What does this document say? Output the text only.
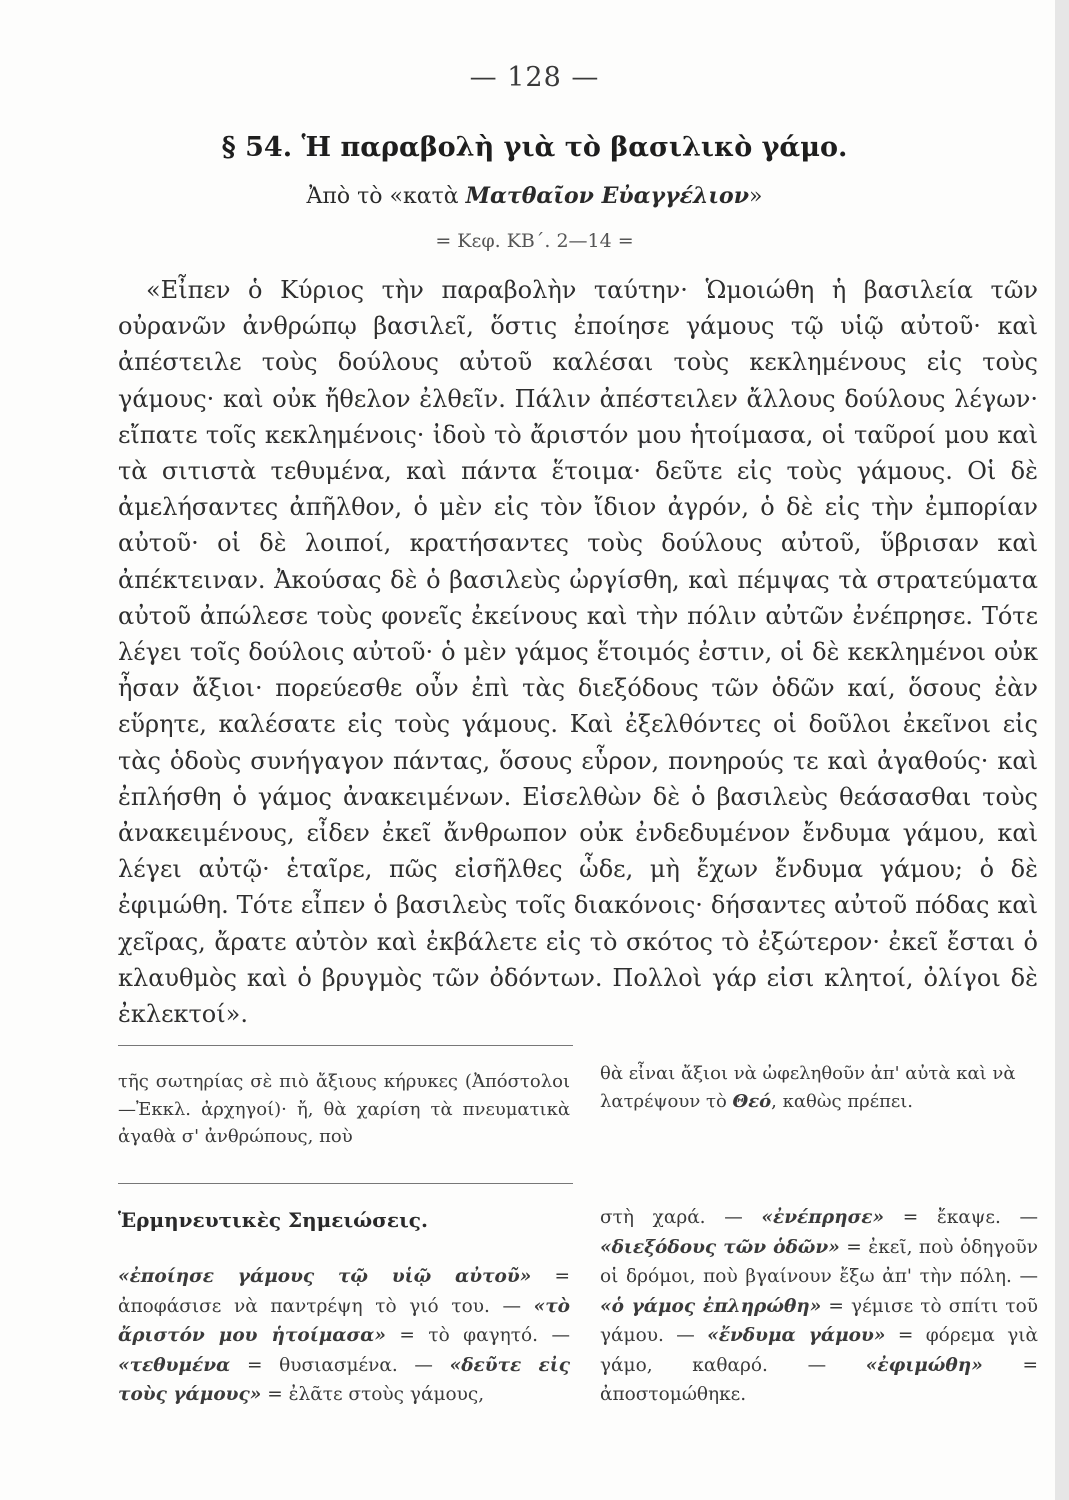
— 128 —
§ 54. Ἡ παραβολὴ γιὰ τὸ βασιλικὸ γάμο.
Ἀπὸ τὸ «κατὰ Ματθαῖον Εὐαγγέλιον»
= Κεφ. ΚΒ΄. 2—14 =

«Εἶπεν ὁ Κύριος τὴν παραβολὴν ταύτην· Ὡμοιώθη ἡ βασιλεία τῶν οὐρανῶν ἀνθρώπῳ βασιλεῖ, ὅστις ἐποίησε γάμους τῷ υἱῷ αὐτοῦ· καὶ ἀπέστειλε τοὺς δούλους αὐτοῦ καλέσαι τοὺς κεκλημένους εἰς τοὺς γάμους· καὶ οὐκ ἤθελον ἐλθεῖν. Πάλιν ἀπέστειλεν ἄλλους δούλους λέγων· εἴπατε τοῖς κεκλημένοις· ἰδοὺ τὸ ἄριστόν μου ἡτοίμασα, οἱ ταῦροί μου καὶ τὰ σιτιστὰ τεθυμένα, καὶ πάντα ἕτοιμα· δεῦτε εἰς τοὺς γάμους. Οἱ δὲ ἀμελήσαντες ἀπῆλθον, ὁ μὲν εἰς τὸν ἴδιον ἀγρόν, ὁ δὲ εἰς τὴν ἐμπορίαν αὐτοῦ· οἱ δὲ λοιποί, κρατήσαντες τοὺς δούλους αὐτοῦ, ὕβρισαν καὶ ἀπέκτειναν. Ἀκούσας δὲ ὁ βασιλεὺς ὠργίσθη, καὶ πέμψας τὰ στρατεύματα αὐτοῦ ἀπώλεσε τοὺς φονεῖς ἐκείνους καὶ τὴν πόλιν αὐτῶν ἐνέπρησε. Τότε λέγει τοῖς δούλοις αὐτοῦ· ὁ μὲν γάμος ἕτοιμός ἐστιν, οἱ δὲ κεκλημένοι οὐκ ἦσαν ἄξιοι· πορεύεσθε οὖν ἐπὶ τὰς διεξόδους τῶν ὁδῶν καί, ὅσους ἐὰν εὕρητε, καλέσατε εἰς τοὺς γάμους. Καὶ ἐξελθόντες οἱ δοῦλοι ἐκεῖνοι εἰς τὰς ὁδοὺς συνήγαγον πάντας, ὅσους εὗρον, πονηρούς τε καὶ ἀγαθούς· καὶ ἐπλήσθη ὁ γάμος ἀνακειμένων. Εἰσελθὼν δὲ ὁ βασιλεὺς θεάσασθαι τοὺς ἀνακειμένους, εἶδεν ἐκεῖ ἄνθρωπον οὐκ ἐνδεδυμένον ἔνδυμα γάμου, καὶ λέγει αὐτῷ· ἑταῖρε, πῶς εἰσῆλθες ὧδε, μὴ ἔχων ἔνδυμα γάμου; ὁ δὲ ἐφιμώθη. Τότε εἶπεν ὁ βασιλεὺς τοῖς διακόνοις· δήσαντες αὐτοῦ πόδας καὶ χεῖρας, ἄρατε αὐτὸν καὶ ἐκβάλετε εἰς τὸ σκότος τὸ ἐξώτερον· ἐκεῖ ἔσται ὁ κλαυθμὸς καὶ ὁ βρυγμὸς τῶν ὀδόντων. Πολλοὶ γάρ εἰσι κλητοί, ὀλίγοι δὲ ἐκλεκτοί».

τῆς σωτηρίας σὲ πιὸ ἄξιους κήρυκες (Ἀπόστολοι—Ἐκκλ. ἀρχηγοί)· ἤ, θὰ χαρίση τὰ πνευματικὰ ἀγαθὰ σ' ἀνθρώπους, ποὺ

θὰ εἶναι ἄξιοι νὰ ὠφεληθοῦν ἀπ' αὐτὰ καὶ νὰ λατρέψουν τὸ Θεό, καθὼς πρέπει.

Ἑρμηνευτικὲς Σημειώσεις.

«ἐποίησε γάμους τῷ υἱῷ αὐτοῦ» = ἀποφάσισε νὰ παντρέψη τὸ γιό του. — «τὸ ἄριστόν μου ἡτοίμασα» = τὸ φαγητό. — «τεθυμένα = θυσιασμένα. — «δεῦτε εἰς τοὺς γάμους» = ἐλᾶτε στοὺς γάμους,

στὴ χαρά. — «ἐνέπρησε» = ἔκαψε. — «διεξόδους τῶν ὁδῶν» = ἐκεῖ, ποὺ ὁδηγοῦν οἱ δρόμοι, ποὺ βγαίνουν ἔξω ἀπ' τὴν πόλη. — «ὁ γάμος ἐπληρώθη» = γέμισε τὸ σπίτι τοῦ γάμου. — «ἔνδυμα γάμου» = φόρεμα γιὰ γάμο, καθαρό. — «ἐφιμώθη» = ἀποστομώθηκε.
